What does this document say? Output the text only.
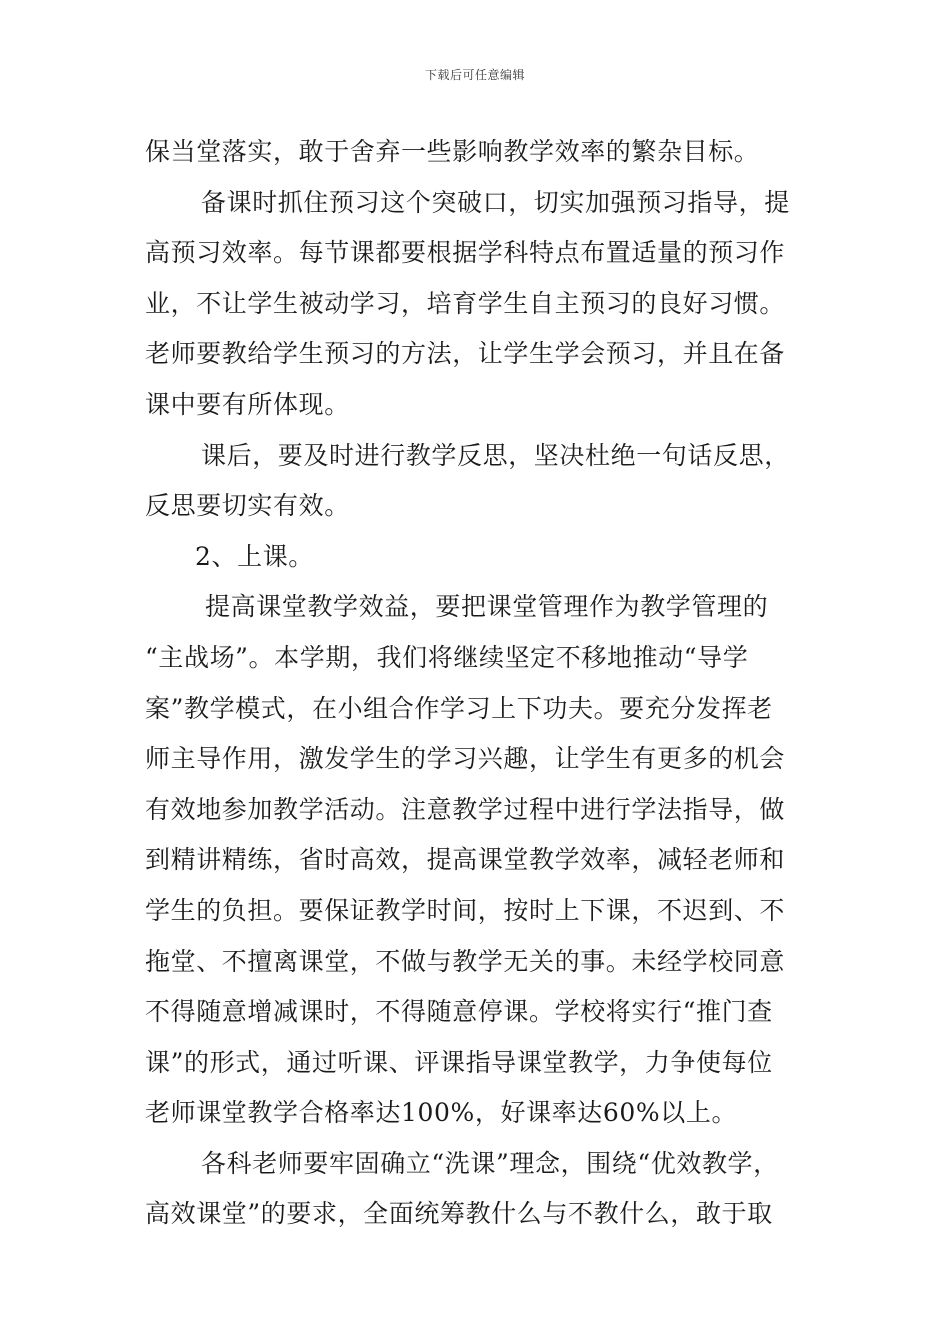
下载后可任意编辑
保当堂落实，敢于舍弃一些影响教学效率的繁杂目标。
备课时抓住预习这个突破口，切实加强预习指导，提
高预习效率。每节课都要根据学科特点布置适量的预习作
业，不让学生被动学习，培育学生自主预习的良好习惯。
老师要教给学生预习的方法，让学生学会预习，并且在备
课中要有所体现。
课后，要及时进行教学反思，坚决杜绝一句话反思，
反思要切实有效。
2、上课。
提高课堂教学效益，要把课堂管理作为教学管理的
“主战场”。本学期，我们将继续坚定不移地推动“导学
案”教学模式，在小组合作学习上下功夫。要充分发挥老
师主导作用，激发学生的学习兴趣，让学生有更多的机会
有效地参加教学活动。注意教学过程中进行学法指导，做
到精讲精练，省时高效，提高课堂教学效率，减轻老师和
学生的负担。要保证教学时间，按时上下课，不迟到、不
拖堂、不擅离课堂，不做与教学无关的事。未经学校同意
不得随意增减课时，不得随意停课。学校将实行“推门查
课”的形式，通过听课、评课指导课堂教学，力争使每位
老师课堂教学合格率达100%，好课率达60%以上。
各科老师要牢固确立“洗课”理念，围绕“优效教学，
高效课堂”的要求，全面统筹教什么与不教什么，敢于取
